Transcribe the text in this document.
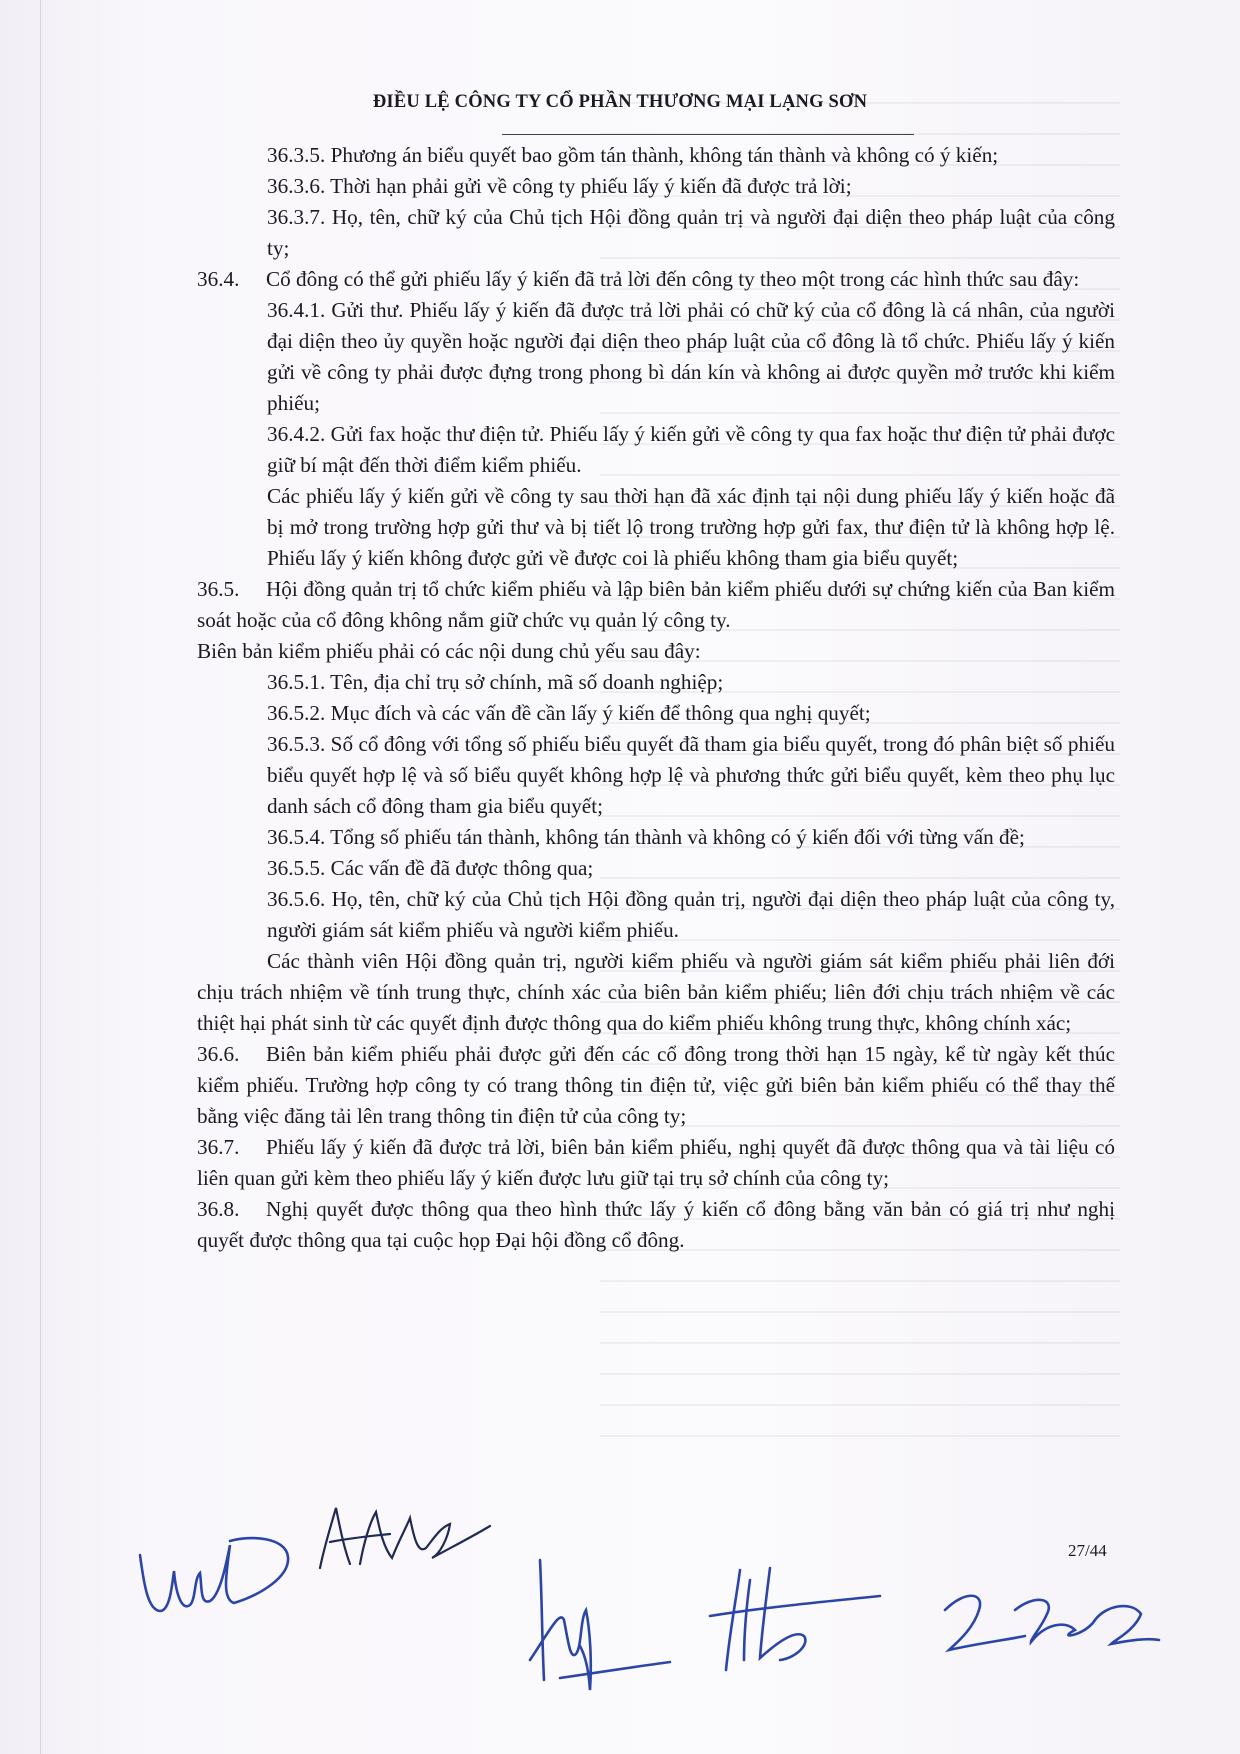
ĐIỀU LỆ CÔNG TY CỔ PHẦN THƯƠNG MẠI LẠNG SƠN

36.3.5. Phương án biểu quyết bao gồm tán thành, không tán thành và không có ý kiến;

36.3.6. Thời hạn phải gửi về công ty phiếu lấy ý kiến đã được trả lời;

36.3.7. Họ, tên, chữ ký của Chủ tịch Hội đồng quản trị và người đại diện theo pháp luật của công ty;

36.4. Cổ đông có thể gửi phiếu lấy ý kiến đã trả lời đến công ty theo một trong các hình thức sau đây:

36.4.1. Gửi thư. Phiếu lấy ý kiến đã được trả lời phải có chữ ký của cổ đông là cá nhân, của người đại diện theo ủy quyền hoặc người đại diện theo pháp luật của cổ đông là tổ chức. Phiếu lấy ý kiến gửi về công ty phải được đựng trong phong bì dán kín và không ai được quyền mở trước khi kiểm phiếu;

36.4.2. Gửi fax hoặc thư điện tử. Phiếu lấy ý kiến gửi về công ty qua fax hoặc thư điện tử phải được giữ bí mật đến thời điểm kiểm phiếu.

Các phiếu lấy ý kiến gửi về công ty sau thời hạn đã xác định tại nội dung phiếu lấy ý kiến hoặc đã bị mở trong trường hợp gửi thư và bị tiết lộ trong trường hợp gửi fax, thư điện tử là không hợp lệ. Phiếu lấy ý kiến không được gửi về được coi là phiếu không tham gia biểu quyết;

36.5. Hội đồng quản trị tổ chức kiểm phiếu và lập biên bản kiểm phiếu dưới sự chứng kiến của Ban kiểm soát hoặc của cổ đông không nắm giữ chức vụ quản lý công ty.

Biên bản kiểm phiếu phải có các nội dung chủ yếu sau đây:

36.5.1. Tên, địa chỉ trụ sở chính, mã số doanh nghiệp;

36.5.2. Mục đích và các vấn đề cần lấy ý kiến để thông qua nghị quyết;

36.5.3. Số cổ đông với tổng số phiếu biểu quyết đã tham gia biểu quyết, trong đó phân biệt số phiếu biểu quyết hợp lệ và số biểu quyết không hợp lệ và phương thức gửi biểu quyết, kèm theo phụ lục danh sách cổ đông tham gia biểu quyết;

36.5.4. Tổng số phiếu tán thành, không tán thành và không có ý kiến đối với từng vấn đề;

36.5.5. Các vấn đề đã được thông qua;

36.5.6. Họ, tên, chữ ký của Chủ tịch Hội đồng quản trị, người đại diện theo pháp luật của công ty, người giám sát kiểm phiếu và người kiểm phiếu.

Các thành viên Hội đồng quản trị, người kiểm phiếu và người giám sát kiểm phiếu phải liên đới chịu trách nhiệm về tính trung thực, chính xác của biên bản kiểm phiếu; liên đới chịu trách nhiệm về các thiệt hại phát sinh từ các quyết định được thông qua do kiểm phiếu không trung thực, không chính xác;

36.6. Biên bản kiểm phiếu phải được gửi đến các cổ đông trong thời hạn 15 ngày, kể từ ngày kết thúc kiểm phiếu. Trường hợp công ty có trang thông tin điện tử, việc gửi biên bản kiểm phiếu có thể thay thế bằng việc đăng tải lên trang thông tin điện tử của công ty;

36.7. Phiếu lấy ý kiến đã được trả lời, biên bản kiểm phiếu, nghị quyết đã được thông qua và tài liệu có liên quan gửi kèm theo phiếu lấy ý kiến được lưu giữ tại trụ sở chính của công ty;

36.8. Nghị quyết được thông qua theo hình thức lấy ý kiến cổ đông bằng văn bản có giá trị như nghị quyết được thông qua tại cuộc họp Đại hội đồng cổ đông.

27/44
